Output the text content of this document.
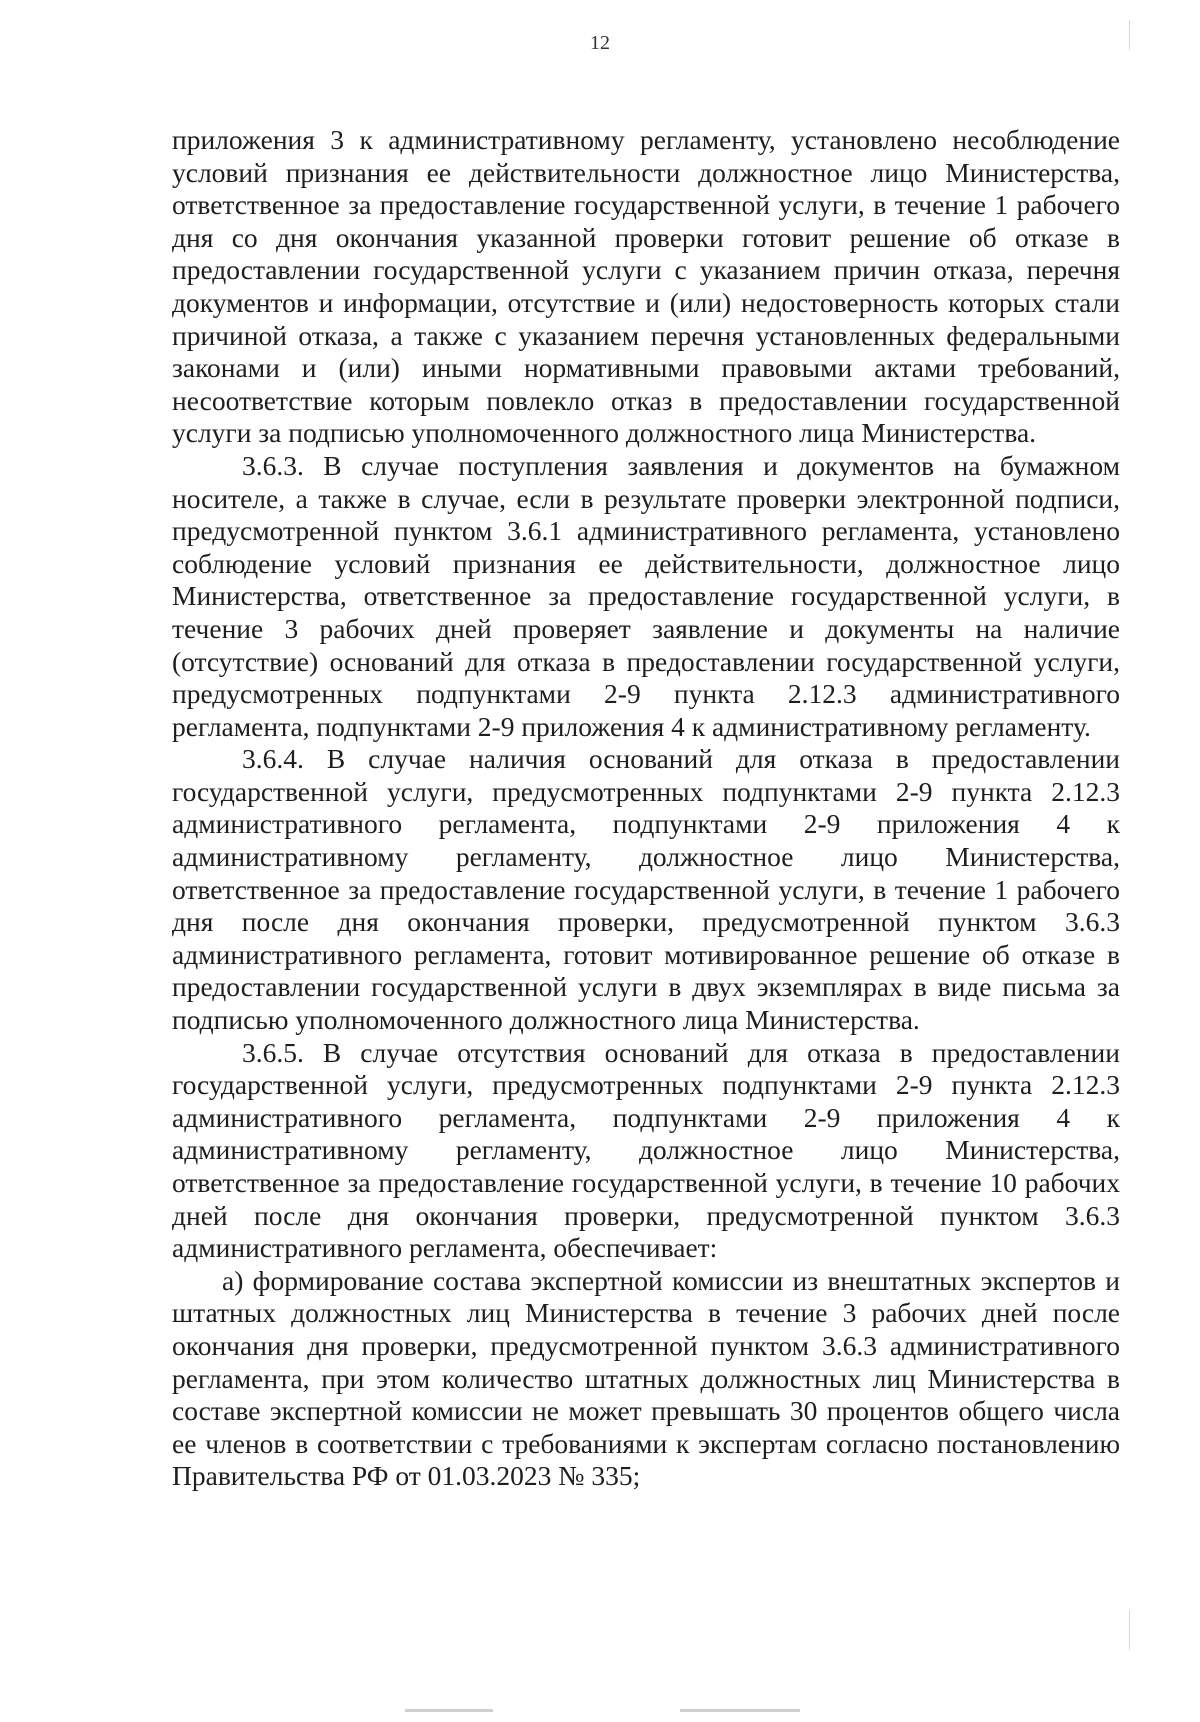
12

приложения 3 к административному регламенту, установлено несоблюдение условий признания ее действительности должностное лицо Министерства, ответственное за предоставление государственной услуги, в течение 1 рабочего дня со дня окончания указанной проверки готовит решение об отказе в предоставлении государственной услуги с указанием причин отказа, перечня документов и информации, отсутствие и (или) недостоверность которых стали причиной отказа, а также с указанием перечня установленных федеральными законами и (или) иными нормативными правовыми актами требований, несоответствие которым повлекло отказ в предоставлении государственной услуги за подписью уполномоченного должностного лица Министерства.

3.6.3. В случае поступления заявления и документов на бумажном носителе, а также в случае, если в результате проверки электронной подписи, предусмотренной пунктом 3.6.1 административного регламента, установлено соблюдение условий признания ее действительности, должностное лицо Министерства, ответственное за предоставление государственной услуги, в течение 3 рабочих дней проверяет заявление и документы на наличие (отсутствие) оснований для отказа в предоставлении государственной услуги, предусмотренных подпунктами 2-9 пункта 2.12.3 административного регламента, подпунктами 2-9 приложения 4 к административному регламенту.

3.6.4. В случае наличия оснований для отказа в предоставлении государственной услуги, предусмотренных подпунктами 2-9 пункта 2.12.3 административного регламента, подпунктами 2-9 приложения 4 к административному регламенту, должностное лицо Министерства, ответственное за предоставление государственной услуги, в течение 1 рабочего дня после дня окончания проверки, предусмотренной пунктом 3.6.3 административного регламента, готовит мотивированное решение об отказе в предоставлении государственной услуги в двух экземплярах в виде письма за подписью уполномоченного должностного лица Министерства.

3.6.5. В случае отсутствия оснований для отказа в предоставлении государственной услуги, предусмотренных подпунктами 2-9 пункта 2.12.3 административного регламента, подпунктами 2-9 приложения 4 к административному регламенту, должностное лицо Министерства, ответственное за предоставление государственной услуги, в течение 10 рабочих дней после дня окончания проверки, предусмотренной пунктом 3.6.3 административного регламента, обеспечивает:

а) формирование состава экспертной комиссии из внештатных экспертов и штатных должностных лиц Министерства в течение 3 рабочих дней после окончания дня проверки, предусмотренной пунктом 3.6.3 административного регламента, при этом количество штатных должностных лиц Министерства в составе экспертной комиссии не может превышать 30 процентов общего числа ее членов в соответствии с требованиями к экспертам согласно постановлению Правительства РФ от 01.03.2023 № 335;
